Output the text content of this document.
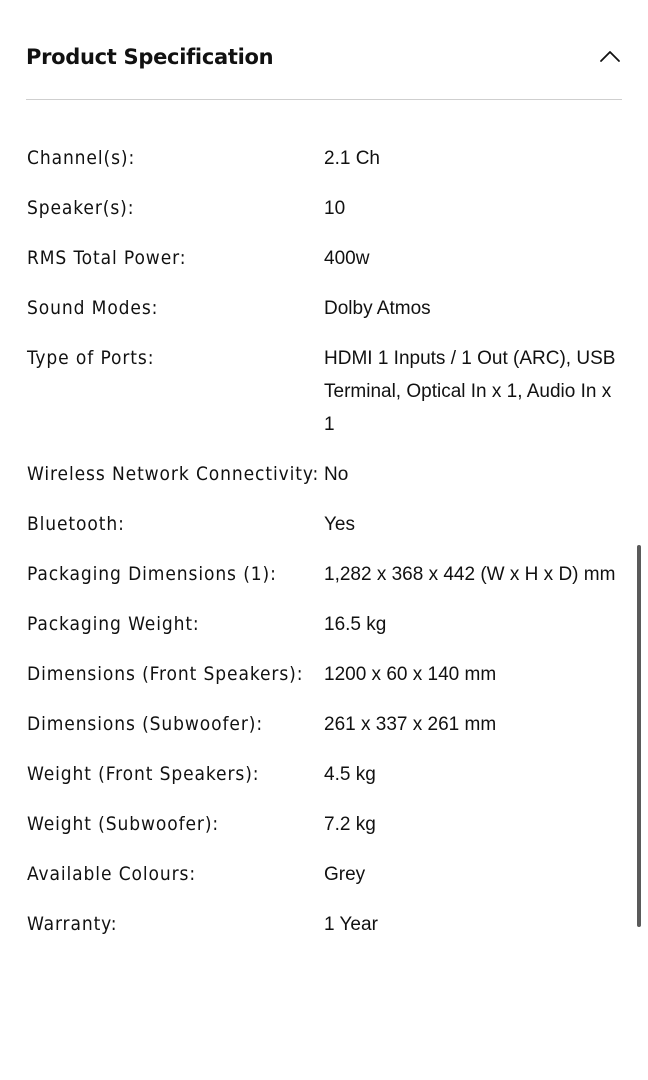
Product Specification
Channel(s):	2.1 Ch
Speaker(s):	10
RMS Total Power:	400w
Sound Modes:	Dolby Atmos
Type of Ports:	HDMI 1 Inputs / 1 Out (ARC), USB Terminal, Optical In x 1, Audio In x 1
Wireless Network Connectivity: No
Bluetooth:	Yes
Packaging Dimensions (1):	1,282 x 368 x 442 (W x H x D) mm
Packaging Weight:	16.5 kg
Dimensions (Front Speakers):	1200 x 60 x 140 mm
Dimensions (Subwoofer):	261 x 337 x 261 mm
Weight (Front Speakers):	4.5 kg
Weight (Subwoofer):	7.2 kg
Available Colours:	Grey
Warranty:	1 Year
